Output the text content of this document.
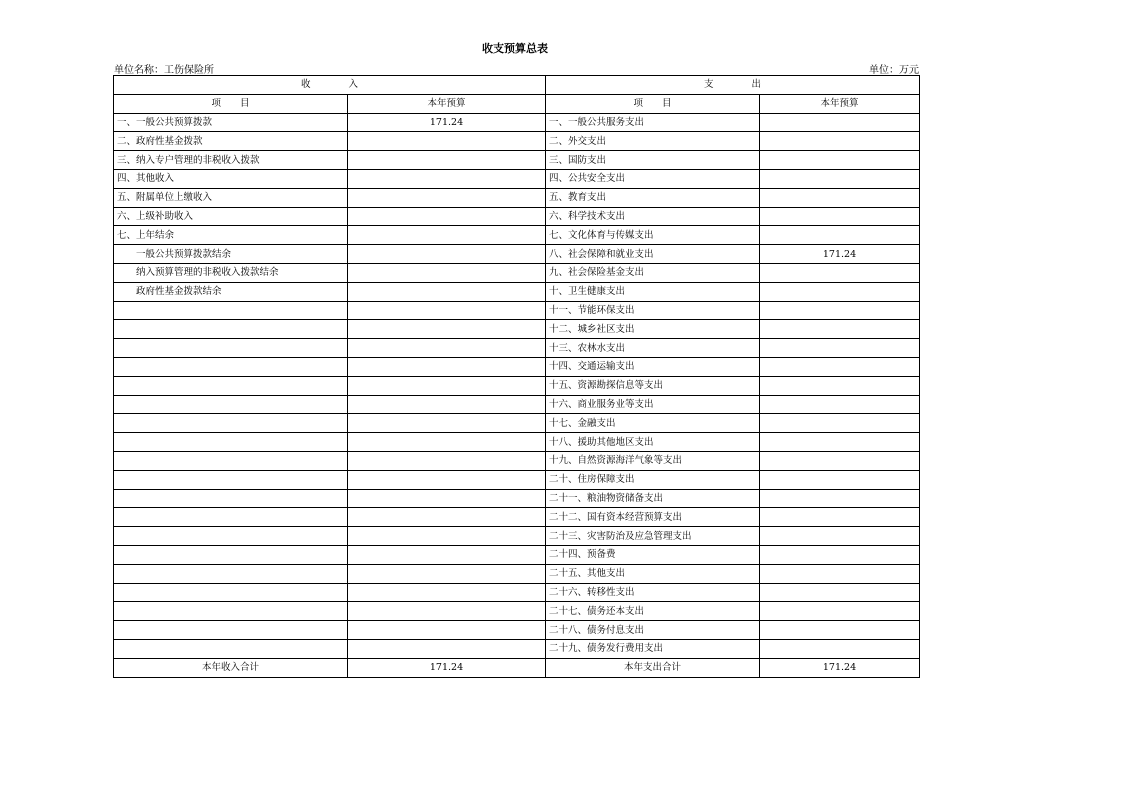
收支预算总表
单位名称：工伤保险所	单位：万元
收　　　　入		支　　　　出	
项　　目	本年预算	项　　目	本年预算
一、一般公共预算拨款	171.24	一、一般公共服务支出	
二、政府性基金拨款		二、外交支出	
三、纳入专户管理的非税收入拨款		三、国防支出	
四、其他收入		四、公共安全支出	
五、附属单位上缴收入		五、教育支出	
六、上级补助收入		六、科学技术支出	
七、上年结余		七、文化体育与传媒支出	
一般公共预算拨款结余		八、社会保障和就业支出	171.24
纳入预算管理的非税收入拨款结余		九、社会保险基金支出	
政府性基金拨款结余		十、卫生健康支出	
		十一、节能环保支出	
		十二、城乡社区支出	
		十三、农林水支出	
		十四、交通运输支出	
		十五、资源勘探信息等支出	
		十六、商业服务业等支出	
		十七、金融支出	
		十八、援助其他地区支出	
		十九、自然资源海洋气象等支出	
		二十、住房保障支出	
		二十一、粮油物资储备支出	
		二十二、国有资本经营预算支出	
		二十三、灾害防治及应急管理支出	
		二十四、预备费	
		二十五、其他支出	
		二十六、转移性支出	
		二十七、债务还本支出	
		二十八、债务付息支出	
		二十九、债务发行费用支出	
本年收入合计	171.24	本年支出合计	171.24
